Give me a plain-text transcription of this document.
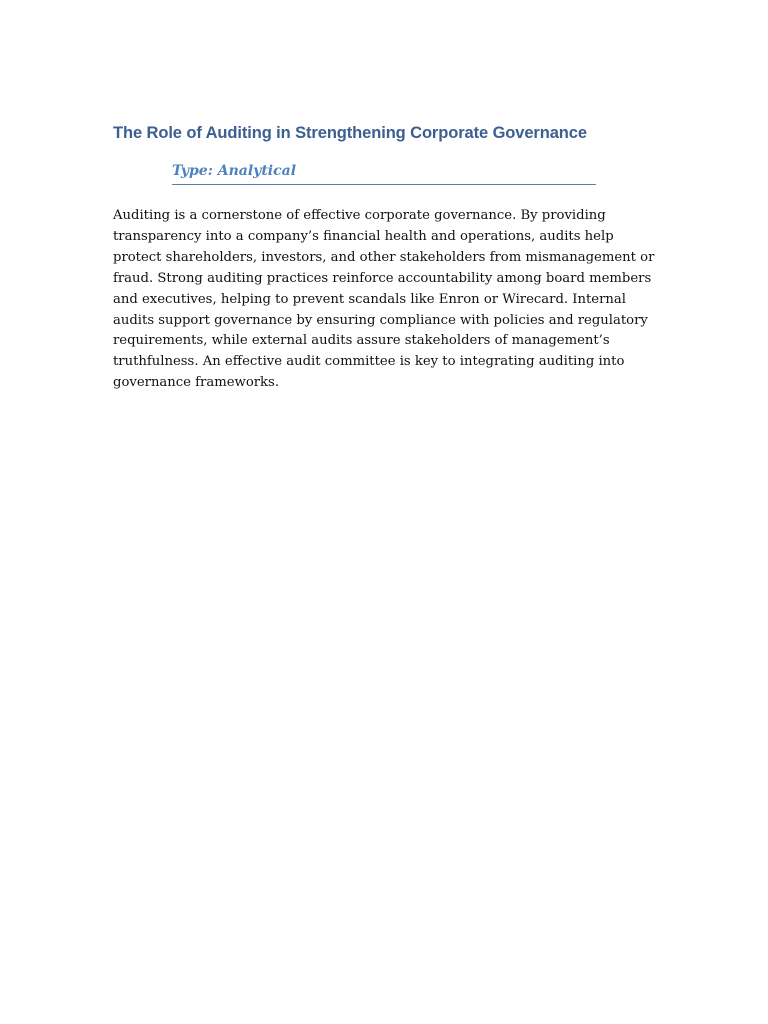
The Role of Auditing in Strengthening Corporate Governance

Type: Analytical

Auditing is a cornerstone of effective corporate governance. By providing transparency into a company’s financial health and operations, audits help protect shareholders, investors, and other stakeholders from mismanagement or fraud. Strong auditing practices reinforce accountability among board members and executives, helping to prevent scandals like Enron or Wirecard. Internal audits support governance by ensuring compliance with policies and regulatory requirements, while external audits assure stakeholders of management’s truthfulness. An effective audit committee is key to integrating auditing into governance frameworks.
